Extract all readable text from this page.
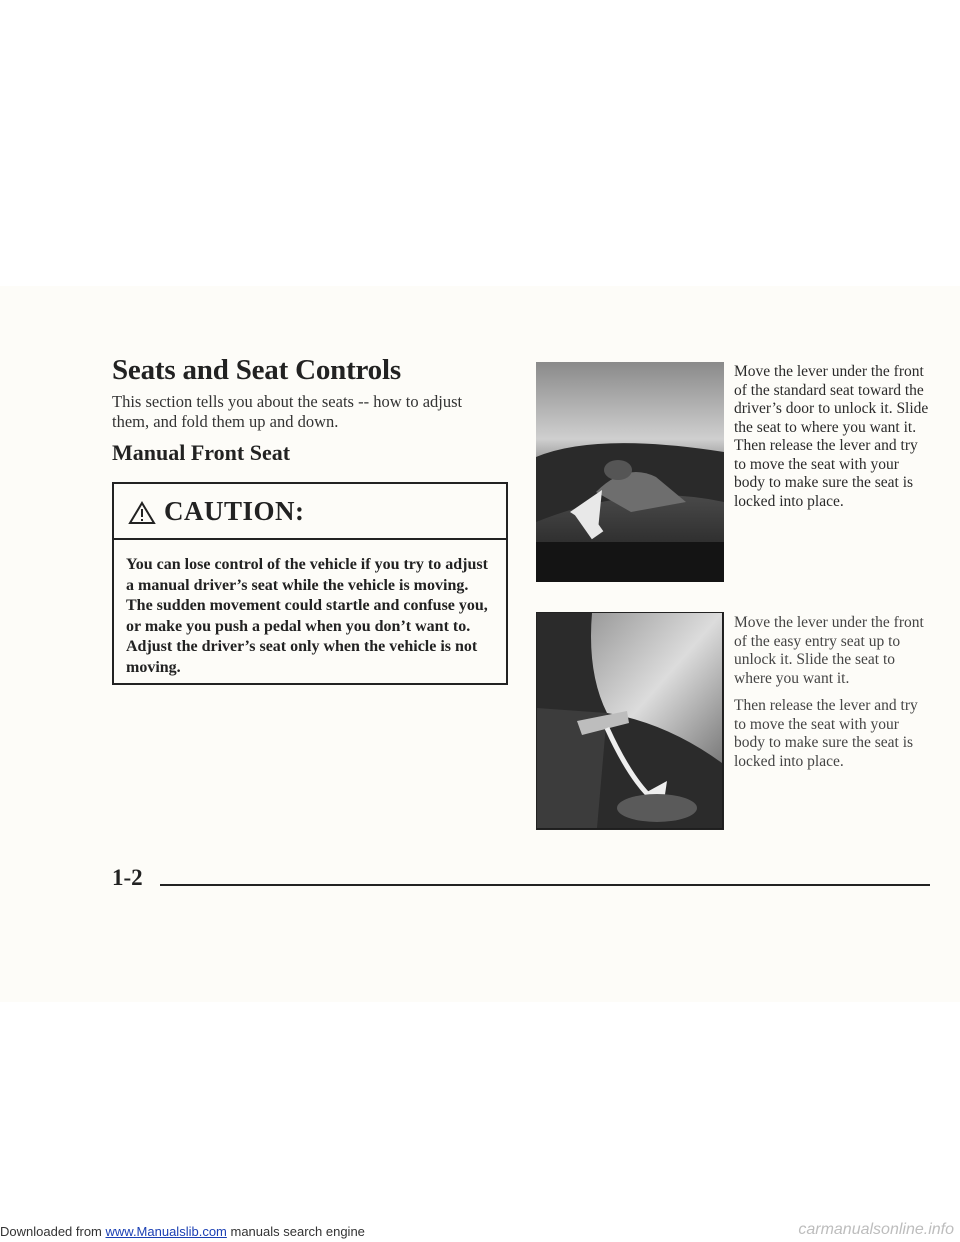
Seats and Seat Controls

This section tells you about the seats -- how to adjust them, and fold them up and down.

Manual Front Seat
CAUTION:

You can lose control of the vehicle if you try to adjust a manual driver’s seat while the vehicle is moving. The sudden movement could startle and confuse you, or make you push a pedal when you don’t want to. Adjust the driver’s seat only when the vehicle is not moving.

Move the lever under the front of the standard seat toward the driver’s door to unlock it. Slide the seat to where you want it. Then release the lever and try to move the seat with your body to make sure the seat is locked into place.

Move the lever under the front of the easy entry seat up to unlock it. Slide the seat to where you want it.

Then release the lever and try to move the seat with your body to make sure the seat is locked into place.

1-2

Downloaded from www.Manualslib.com manuals search engine	carmanualsonline.info
